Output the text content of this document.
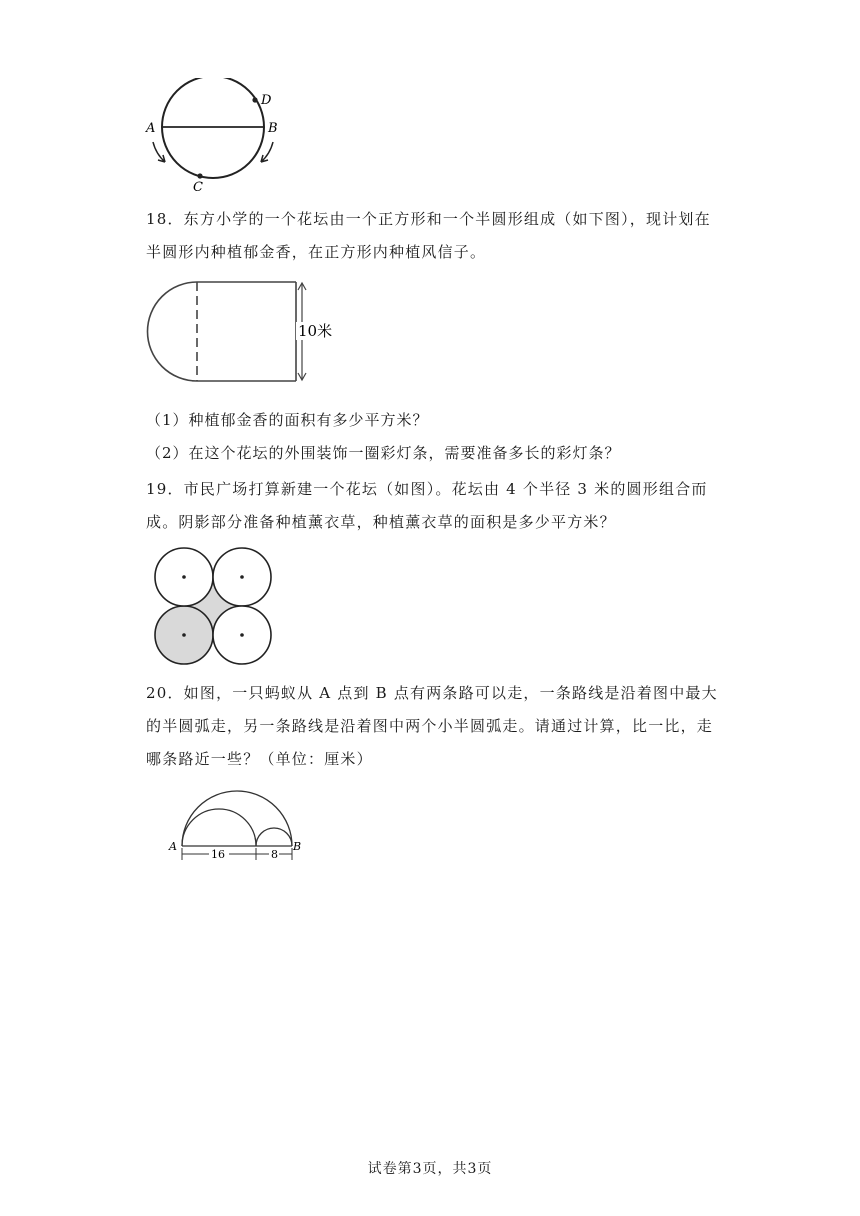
A	B
D
C

18．东方小学的一个花坛由一个正方形和一个半圆形组成（如下图），现计划在半圆形内种植郁金香，在正方形内种植风信子。

10米

（1）种植郁金香的面积有多少平方米？

（2）在这个花坛的外围装饰一圈彩灯条，需要准备多长的彩灯条？

19．市民广场打算新建一个花坛（如图）。花坛由 4 个半径 3 米的圆形组合而成。阴影部分准备种植薰衣草，种植薰衣草的面积是多少平方米？

20．如图，一只蚂蚁从 A 点到 B 点有两条路可以走，一条路线是沿着图中最大的半圆弧走，另一条路线是沿着图中两个小半圆弧走。请通过计算，比一比，走哪条路近一些？（单位：厘米）

A	B
16	8
试卷第3页，共3页
